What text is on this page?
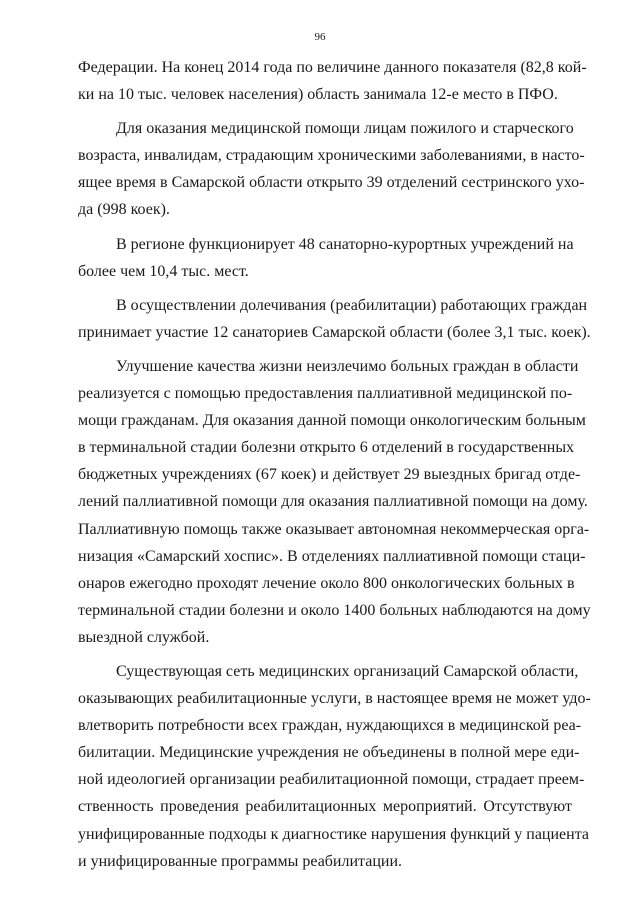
96
Федерации. На конец 2014 года по величине данного показателя (82,8 кой-
ки на 10 тыс. человек населения) область занимала 12-е место в ПФО.
Для оказания медицинской помощи лицам пожилого и старческого
возраста, инвалидам, страдающим хроническими заболеваниями, в насто-
ящее время в Самарской области открыто 39 отделений сестринского ухо-
да (998 коек).
В регионе функционирует 48 санаторно-курортных учреждений на
более чем 10,4 тыс. мест.
В осуществлении долечивания (реабилитации) работающих граждан
принимает участие 12 санаториев Самарской области (более 3,1 тыс. коек).
Улучшение качества жизни неизлечимо больных граждан в области
реализуется с помощью предоставления паллиативной медицинской по-
мощи гражданам. Для оказания данной помощи онкологическим больным
в терминальной стадии болезни открыто 6 отделений в государственных
бюджетных учреждениях (67 коек) и действует 29 выездных бригад отде-
лений паллиативной помощи для оказания паллиативной помощи на дому.
Паллиативную помощь также оказывает автономная некоммерческая орга-
низация «Самарский хоспис». В отделениях паллиативной помощи стаци-
онаров ежегодно проходят лечение около 800 онкологических больных в
терминальной стадии болезни и около 1400 больных наблюдаются на дому
выездной службой.
Существующая сеть медицинских организаций Самарской области,
оказывающих реабилитационные услуги, в настоящее время не может удо-
влетворить потребности всех граждан, нуждающихся в медицинской реа-
билитации. Медицинские учреждения не объединены в полной мере еди-
ной идеологией организации реабилитационной помощи, страдает преем-
ственность проведения реабилитационных мероприятий. Отсутствуют
унифицированные подходы к диагностике нарушения функций у пациента
и унифицированные программы реабилитации.
